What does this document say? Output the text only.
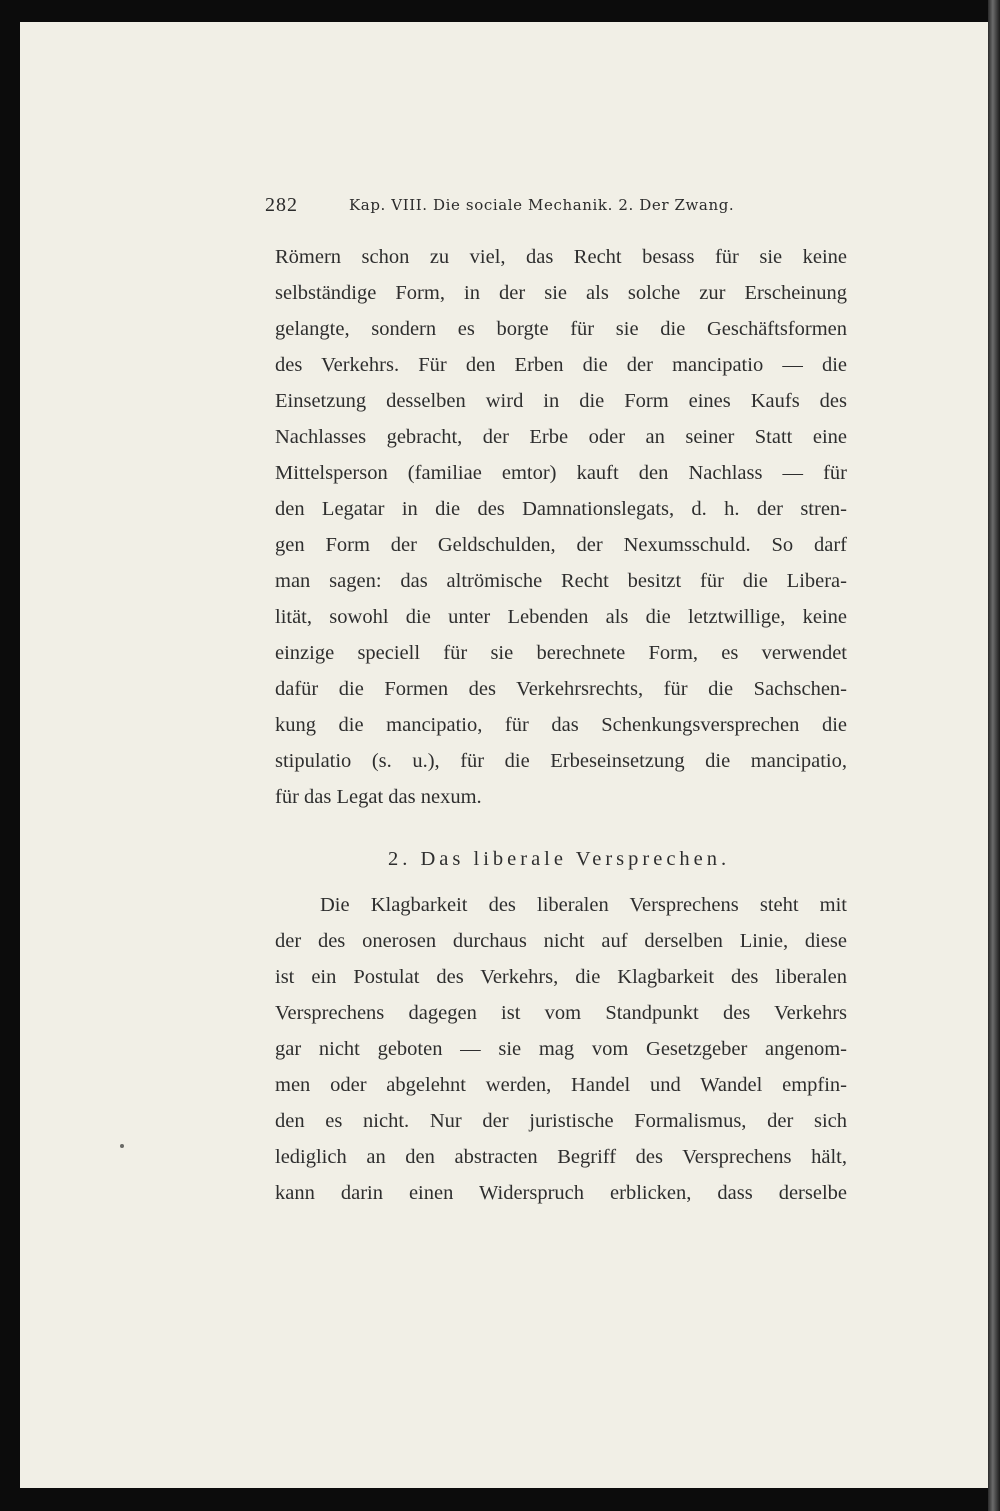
282	Kap. VIII. Die sociale Mechanik. 2. Der Zwang.
Römern schon zu viel, das Recht besass für sie keine
selbständige Form, in der sie als solche zur Erscheinung
gelangte, sondern es borgte für sie die Geschäftsformen
des Verkehrs. Für den Erben die der mancipatio — die
Einsetzung desselben wird in die Form eines Kaufs des
Nachlasses gebracht, der Erbe oder an seiner Statt eine
Mittelsperson (familiae emtor) kauft den Nachlass — für
den Legatar in die des Damnationslegats, d. h. der stren-
gen Form der Geldschulden, der Nexumsschuld. So darf
man sagen: das altrömische Recht besitzt für die Libera-
lität, sowohl die unter Lebenden als die letztwillige, keine
einzige speciell für sie berechnete Form, es verwendet
dafür die Formen des Verkehrsrechts, für die Sachschen-
kung die mancipatio, für das Schenkungsversprechen die
stipulatio (s. u.), für die Erbeseinsetzung die mancipatio,
für das Legat das nexum.
2. Das liberale Versprechen.
Die Klagbarkeit des liberalen Versprechens steht mit
der des onerosen durchaus nicht auf derselben Linie, diese
ist ein Postulat des Verkehrs, die Klagbarkeit des liberalen
Versprechens dagegen ist vom Standpunkt des Verkehrs
gar nicht geboten — sie mag vom Gesetzgeber angenom-
men oder abgelehnt werden, Handel und Wandel empfin-
den es nicht. Nur der juristische Formalismus, der sich
lediglich an den abstracten Begriff des Versprechens hält,
kann darin einen Widerspruch erblicken, dass derselbe
